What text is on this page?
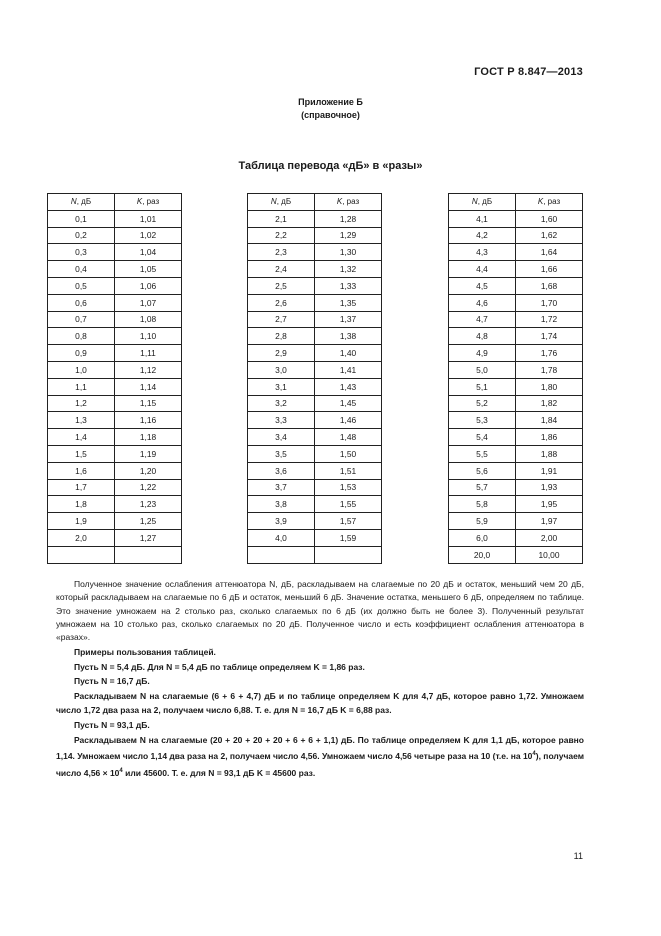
ГОСТ Р 8.847—2013
Приложение Б
(справочное)
Таблица перевода «дБ» в «разы»
N, дБ	K, раз
0,1	1,01
0,2	1,02
0,3	1,04
0,4	1,05
0,5	1,06
0,6	1,07
0,7	1,08
0,8	1,10
0,9	1,11
1,0	1,12
1,1	1,14
1,2	1,15
1,3	1,16
1,4	1,18
1,5	1,19
1,6	1,20
1,7	1,22
1,8	1,23
1,9	1,25
2,0	1,27

N, дБ	K, раз
2,1	1,28
2,2	1,29
2,3	1,30
2,4	1,32
2,5	1,33
2,6	1,35
2,7	1,37
2,8	1,38
2,9	1,40
3,0	1,41
3,1	1,43
3,2	1,45
3,3	1,46
3,4	1,48
3,5	1,50
3,6	1,51
3,7	1,53
3,8	1,55
3,9	1,57
4,0	1,59

N, дБ	K, раз
4,1	1,60
4,2	1,62
4,3	1,64
4,4	1,66
4,5	1,68
4,6	1,70
4,7	1,72
4,8	1,74
4,9	1,76
5,0	1,78
5,1	1,80
5,2	1,82
5,3	1,84
5,4	1,86
5,5	1,88
5,6	1,91
5,7	1,93
5,8	1,95
5,9	1,97
6,0	2,00
20,0	10,00

Полученное значение ослабления аттенюатора N, дБ, раскладываем на слагаемые по 20 дБ и остаток, меньший чем 20 дБ, который раскладываем на слагаемые по 6 дБ и остаток, меньший 6 дБ. Значение остатка, меньшего 6 дБ, определяем по таблице. Это значение умножаем на 2 столько раз, сколько слагаемых по 6 дБ (их должно быть не более 3). Полученный результат умножаем на 10 столько раз, сколько слагаемых по 20 дБ. Полученное число и есть коэффициент ослабления аттенюатора в «разах».

Примеры пользования таблицей.

Пусть N = 5,4 дБ. Для N = 5,4 дБ по таблице определяем K = 1,86 раз.

Пусть N = 16,7 дБ.

Раскладываем N на слагаемые (6 + 6 + 4,7) дБ и по таблице определяем K для 4,7 дБ, которое равно 1,72. Умножаем число 1,72 два раза на 2, получаем число 6,88. Т. е. для N = 16,7 дБ K = 6,88 раз.

Пусть N = 93,1 дБ.

Раскладываем N на слагаемые (20 + 20 + 20 + 20 + 6 + 6 + 1,1) дБ. По таблице определяем K для 1,1 дБ, которое равно 1,14. Умножаем число 1,14 два раза на 2, получаем число 4,56. Умножаем число 4,56 четыре раза на 10 (т.е. на $10^4$), получаем число $4,56 \times 10^4$ или 45600. Т. е. для N = 93,1 дБ K = 45600 раз.

11
